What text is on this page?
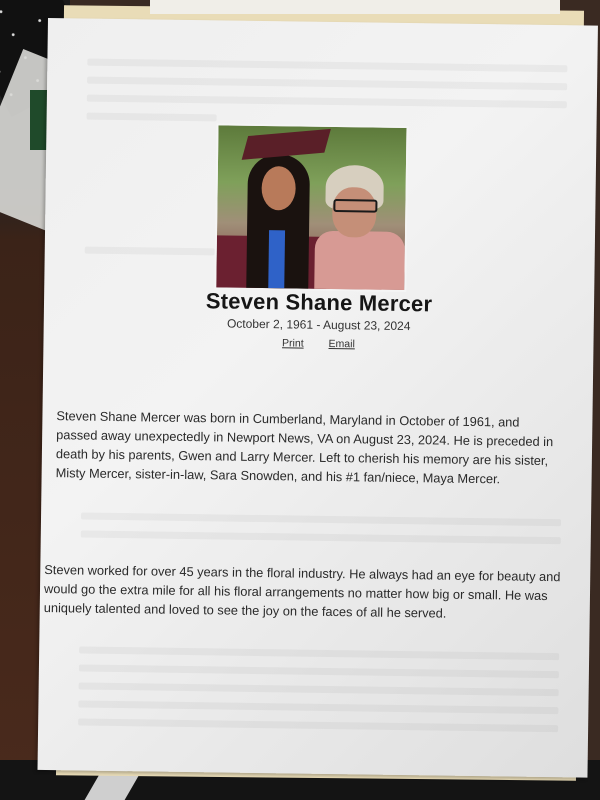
Steven Shane Mercer
October 2, 1961 - August 23, 2024
Print Email
Steven Shane Mercer was born in Cumberland, Maryland in October of 1961, and passed away unexpectedly in Newport News, VA on August 23, 2024. He is preceded in death by his parents, Gwen and Larry Mercer. Left to cherish his memory are his sister, Misty Mercer, sister-in-law, Sara Snowden, and his #1 fan/niece, Maya Mercer.
Steven worked for over 45 years in the floral industry. He always had an eye for beauty and would go the extra mile for all his floral arrangements no matter how big or small. He was uniquely talented and loved to see the joy on the faces of all he served.
